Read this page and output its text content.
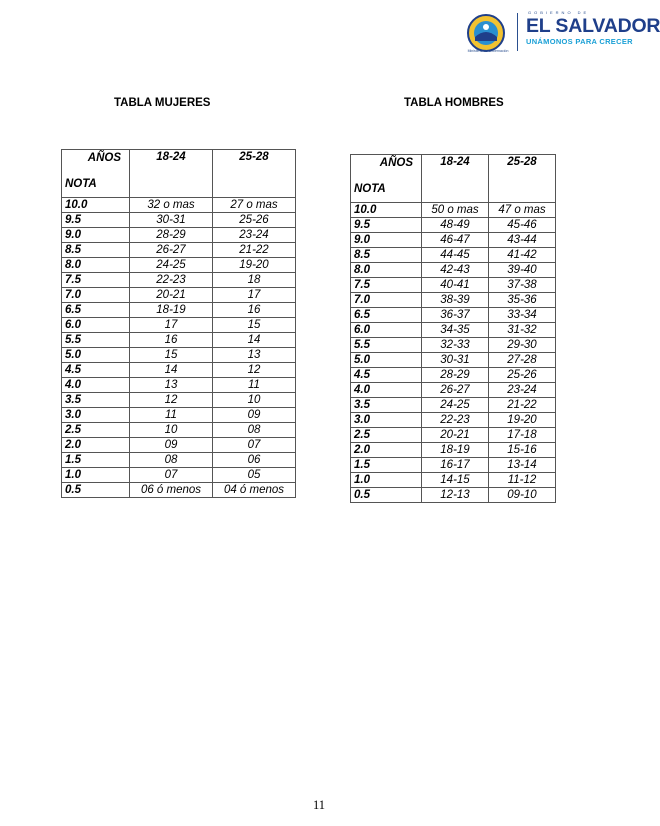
Ministerio de Gobernación
GOBIERNO DE
EL SALVADOR
UNÁMONOS PARA CRECER
TABLA MUJERES	TABLA HOMBRES
AÑOS
NOTA	18-24	25-28
10.0	32 o mas	27 o mas
9.5	30-31	25-26
9.0	28-29	23-24
8.5	26-27	21-22
8.0	24-25	19-20
7.5	22-23	18
7.0	20-21	17
6.5	18-19	16
6.0	17	15
5.5	16	14
5.0	15	13
4.5	14	12
4.0	13	11
3.5	12	10
3.0	11	09
2.5	10	08
2.0	09	07
1.5	08	06
1.0	07	05
0.5	06 ó menos	04 ó menos
AÑOS
NOTA	18-24	25-28
10.0	50 o mas	47 o mas
9.5	48-49	45-46
9.0	46-47	43-44
8.5	44-45	41-42
8.0	42-43	39-40
7.5	40-41	37-38
7.0	38-39	35-36
6.5	36-37	33-34
6.0	34-35	31-32
5.5	32-33	29-30
5.0	30-31	27-28
4.5	28-29	25-26
4.0	26-27	23-24
3.5	24-25	21-22
3.0	22-23	19-20
2.5	20-21	17-18
2.0	18-19	15-16
1.5	16-17	13-14
1.0	14-15	11-12
0.5	12-13	09-10
11
